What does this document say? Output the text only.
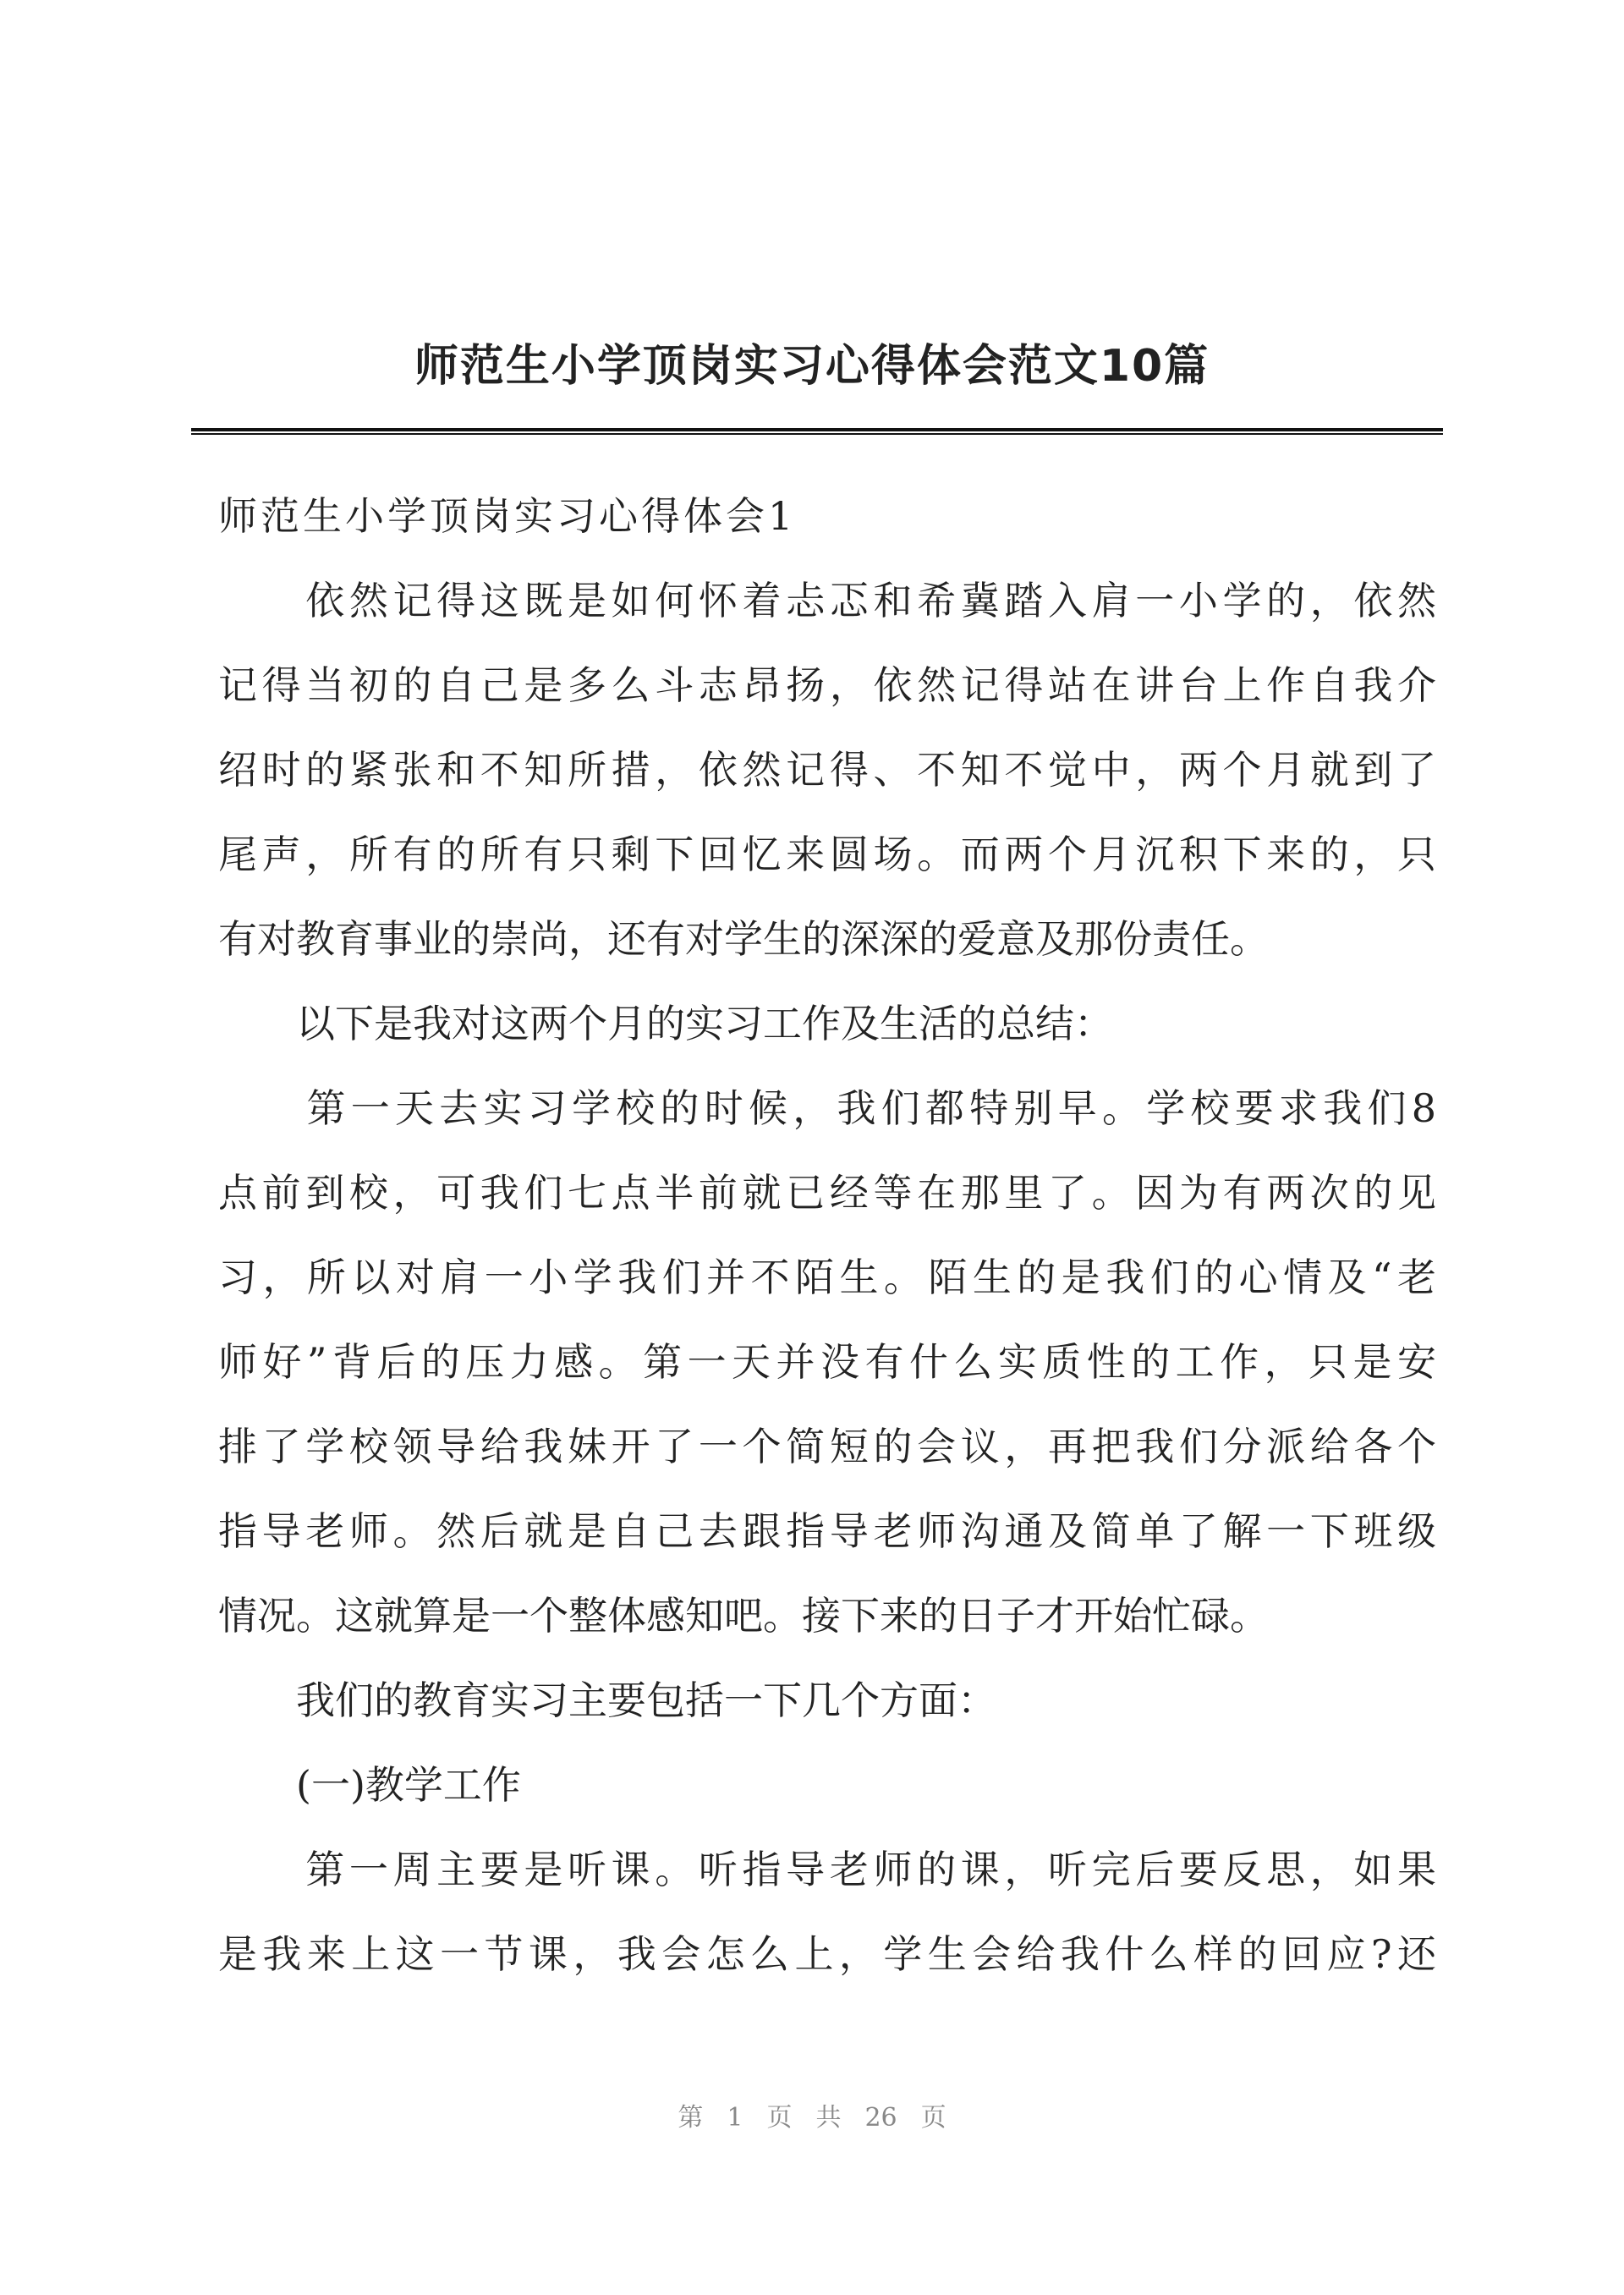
师范生小学顶岗实习心得体会范文10篇
师范生小学顶岗实习心得体会1
　　依然记得这既是如何怀着忐忑和希冀踏入肩一小学的，依然
记得当初的自己是多么斗志昂扬，依然记得站在讲台上作自我介
绍时的紧张和不知所措，依然记得、不知不觉中，两个月就到了
尾声，所有的所有只剩下回忆来圆场。而两个月沉积下来的，只
有对教育事业的崇尚，还有对学生的深深的爱意及那份责任。
　　以下是我对这两个月的实习工作及生活的总结：
　　第一天去实习学校的时候，我们都特别早。学校要求我们8
点前到校，可我们七点半前就已经等在那里了。因为有两次的见
习，所以对肩一小学我们并不陌生。陌生的是我们的心情及“老
师好”背后的压力感。第一天并没有什么实质性的工作，只是安
排了学校领导给我妹开了一个简短的会议，再把我们分派给各个
指导老师。然后就是自己去跟指导老师沟通及简单了解一下班级
情况。这就算是一个整体感知吧。接下来的日子才开始忙碌。
　　我们的教育实习主要包括一下几个方面：
　　(一)教学工作
　　第一周主要是听课。听指导老师的课，听完后要反思，如果
是我来上这一节课，我会怎么上，学生会给我什么样的回应?还
第 1 页 共 26 页
